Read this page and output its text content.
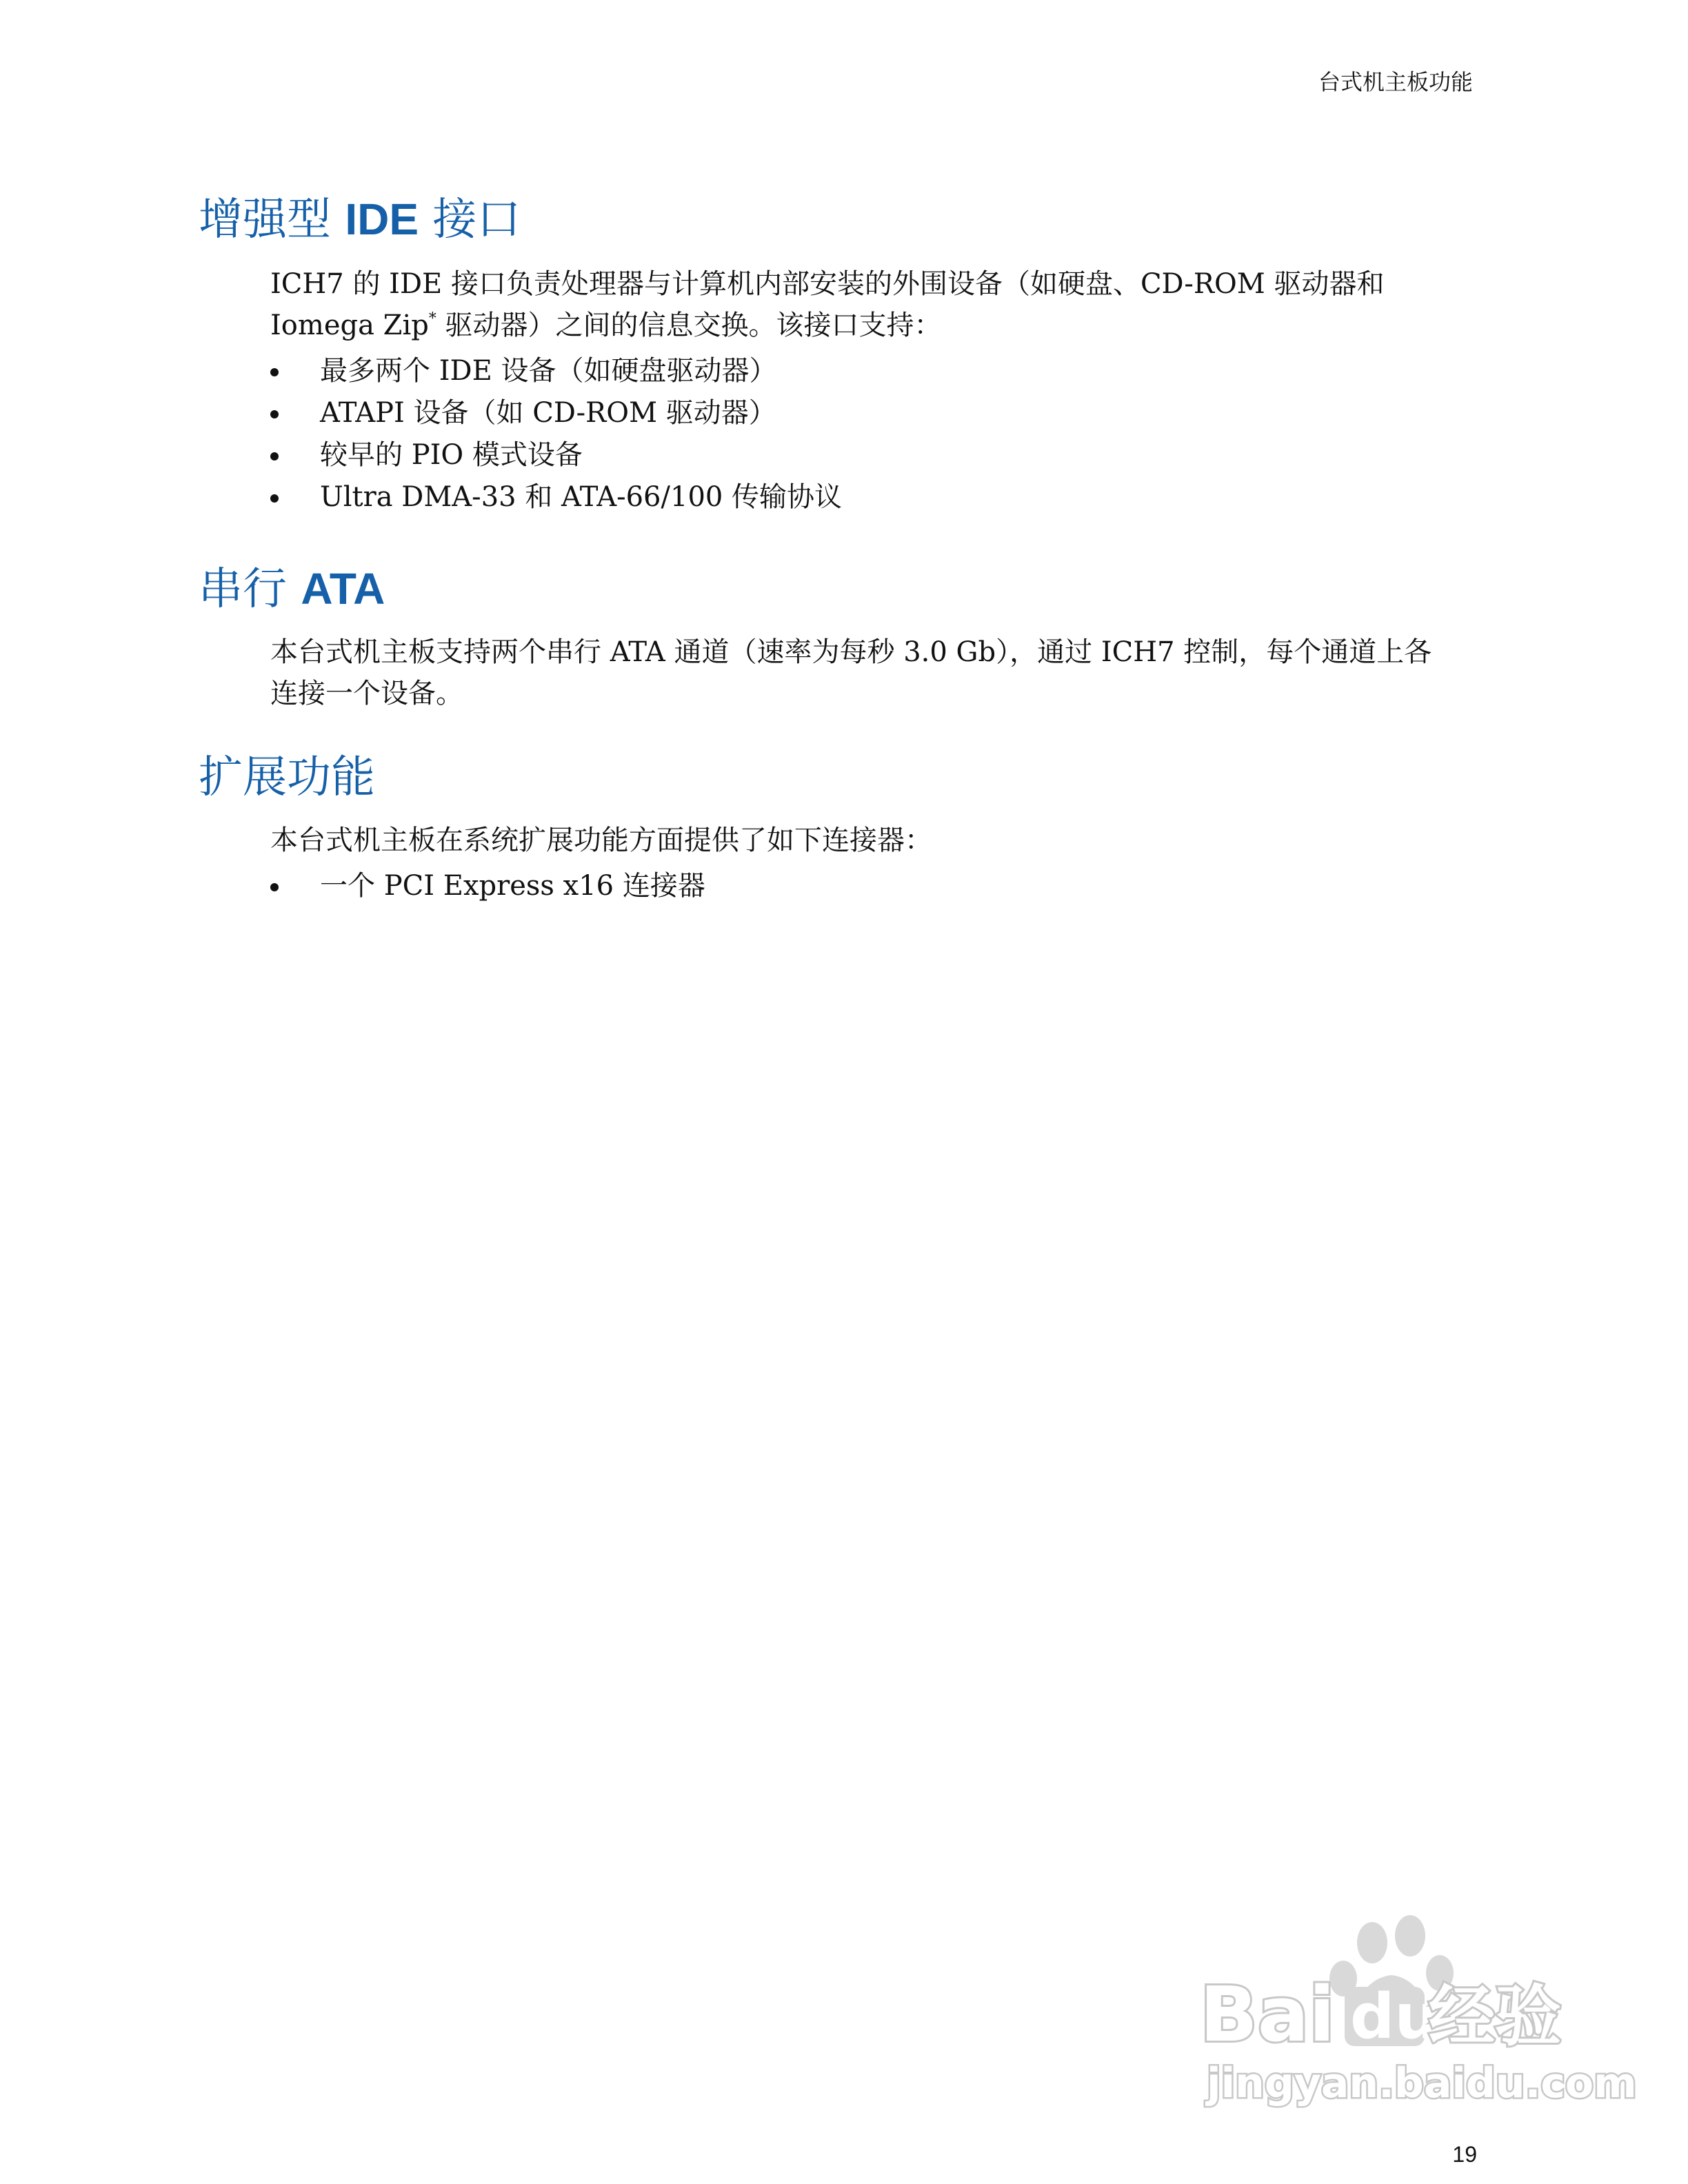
台式机主板功能
增强型 IDE 接口

ICH7 的 IDE 接口负责处理器与计算机内部安装的外围设备（如硬盘、CD-ROM 驱动器和 Iomega Zip* 驱动器）之间的信息交换。该接口支持：

最多两个 IDE 设备（如硬盘驱动器）
ATAPI 设备（如 CD-ROM 驱动器）
较早的 PIO 模式设备
Ultra DMA-33 和 ATA-66/100 传输协议
串行 ATA

本台式机主板支持两个串行 ATA 通道（速率为每秒 3.0 Gb），通过 ICH7 控制，每个通道上各连接一个设备。

扩展功能

本台式机主板在系统扩展功能方面提供了如下连接器：

一个 PCI Express x16 连接器
Bai du
经验
jingyan.baidu.com
19
